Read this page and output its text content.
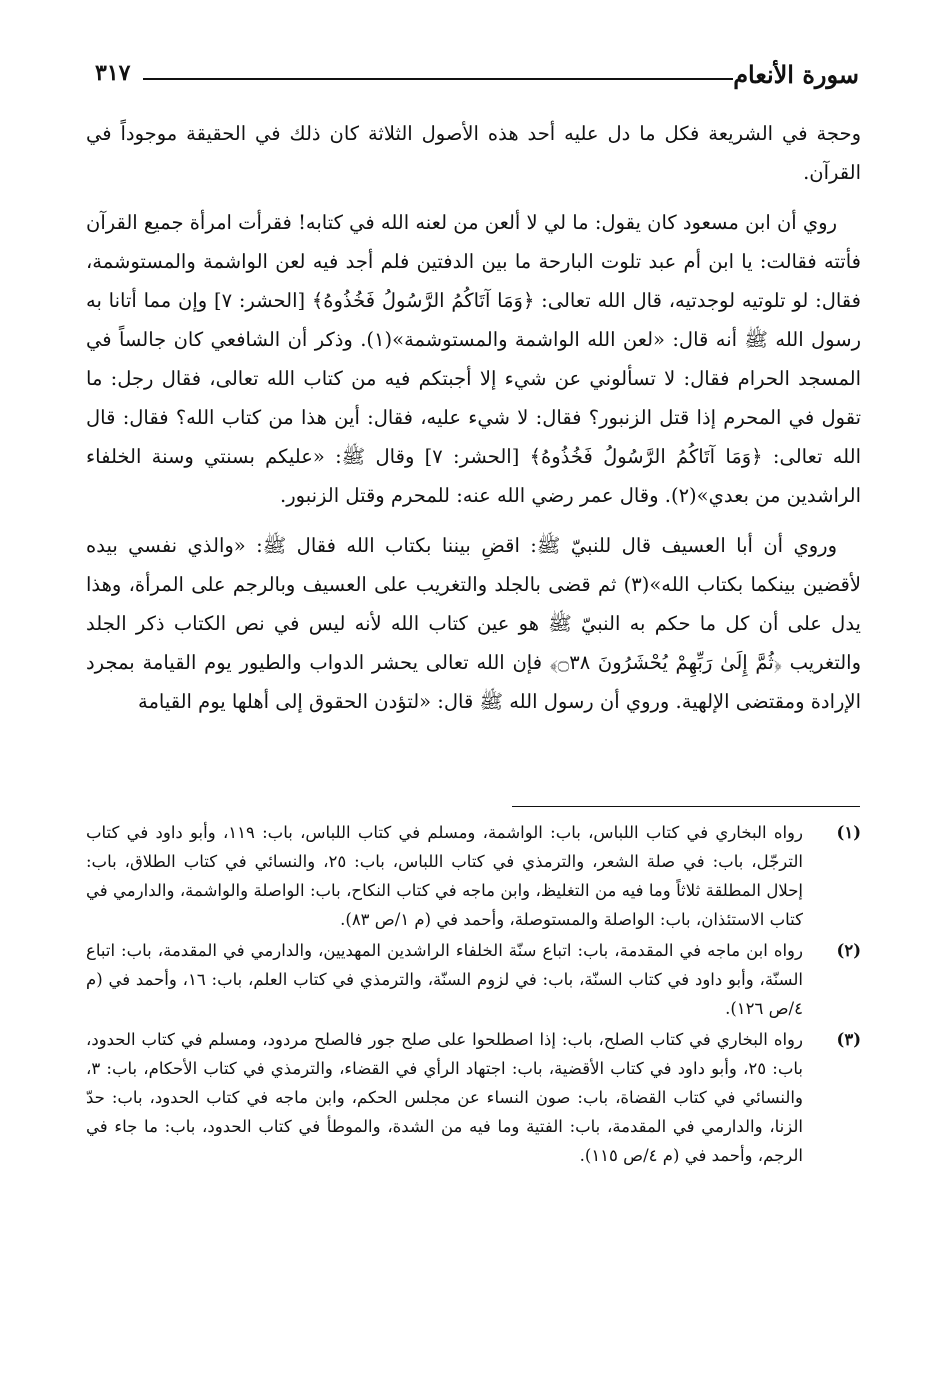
سورة الأنعام
٣١٧

وحجة في الشريعة فكل ما دل عليه أحد هذه الأصول الثلاثة كان ذلك في الحقيقة موجوداً في القرآن.

روي أن ابن مسعود كان يقول: ما لي لا ألعن من لعنه الله في كتابه! فقرأت امرأة جميع القرآن فأتته فقالت: يا ابن أم عبد تلوت البارحة ما بين الدفتين فلم أجد فيه لعن الواشمة والمستوشمة، فقال: لو تلوتيه لوجدتيه، قال الله تعالى: ﴿وَمَا آتَاكُمُ الرَّسُولُ فَخُذُوهُ﴾ [الحشر: ٧] وإن مما أتانا به رسول الله ﷺ أنه قال: «لعن الله الواشمة والمستوشمة»(١). وذكر أن الشافعي كان جالساً في المسجد الحرام فقال: لا تسألوني عن شيء إلا أجبتكم فيه من كتاب الله تعالى، فقال رجل: ما تقول في المحرم إذا قتل الزنبور؟ فقال: لا شيء عليه، فقال: أين هذا من كتاب الله؟ فقال: قال الله تعالى: ﴿وَمَا آتَاكُمُ الرَّسُولُ فَخُذُوهُ﴾ [الحشر: ٧] وقال ﷺ: «عليكم بسنتي وسنة الخلفاء الراشدين من بعدي»(٢). وقال عمر رضي الله عنه: للمحرم وقتل الزنبور.

وروي أن أبا العسيف قال للنبيّ ﷺ: اقضِ بيننا بكتاب الله فقال ﷺ: «والذي نفسي بيده لأقضين بينكما بكتاب الله»(٣) ثم قضى بالجلد والتغريب على العسيف وبالرجم على المرأة، وهذا يدل على أن كل ما حكم به النبيّ ﷺ هو عين كتاب الله لأنه ليس في نص الكتاب ذكر الجلد والتغريب ﴿ثُمَّ إِلَىٰ رَبِّهِمْ يُحْشَرُونَ ۝٣٨﴾ فإن الله تعالى يحشر الدواب والطيور يوم القيامة بمجرد الإرادة ومقتضى الإلهية. وروي أن رسول الله ﷺ قال: «لتؤدن الحقوق إلى أهلها يوم القيامة

(١)
رواه البخاري في كتاب اللباس، باب: الواشمة، ومسلم في كتاب اللباس، باب: ١١٩، وأبو داود في كتاب الترجّل، باب: في صلة الشعر، والترمذي في كتاب اللباس، باب: ٢٥، والنسائي في كتاب الطلاق، باب: إحلال المطلقة ثلاثاً وما فيه من التغليظ، وابن ماجه في كتاب النكاح، باب: الواصلة والواشمة، والدارمي في كتاب الاستئذان، باب: الواصلة والمستوصلة، وأحمد في (م ١/ص ٨٣).
(٢)
رواه ابن ماجه في المقدمة، باب: اتباع سنّة الخلفاء الراشدين المهديين، والدارمي في المقدمة، باب: اتباع السنّة، وأبو داود في كتاب السنّة، باب: في لزوم السنّة، والترمذي في كتاب العلم، باب: ١٦، وأحمد في (م ٤/ص ١٢٦).
(٣)
رواه البخاري في كتاب الصلح، باب: إذا اصطلحوا على صلح جور فالصلح مردود، ومسلم في كتاب الحدود، باب: ٢٥، وأبو داود في كتاب الأقضية، باب: اجتهاد الرأي في القضاء، والترمذي في كتاب الأحكام، باب: ٣، والنسائي في كتاب القضاة، باب: صون النساء عن مجلس الحكم، وابن ماجه في كتاب الحدود، باب: حدّ الزنا، والدارمي في المقدمة، باب: الفتية وما فيه من الشدة، والموطأ في كتاب الحدود، باب: ما جاء في الرجم، وأحمد في (م ٤/ص ١١٥).
